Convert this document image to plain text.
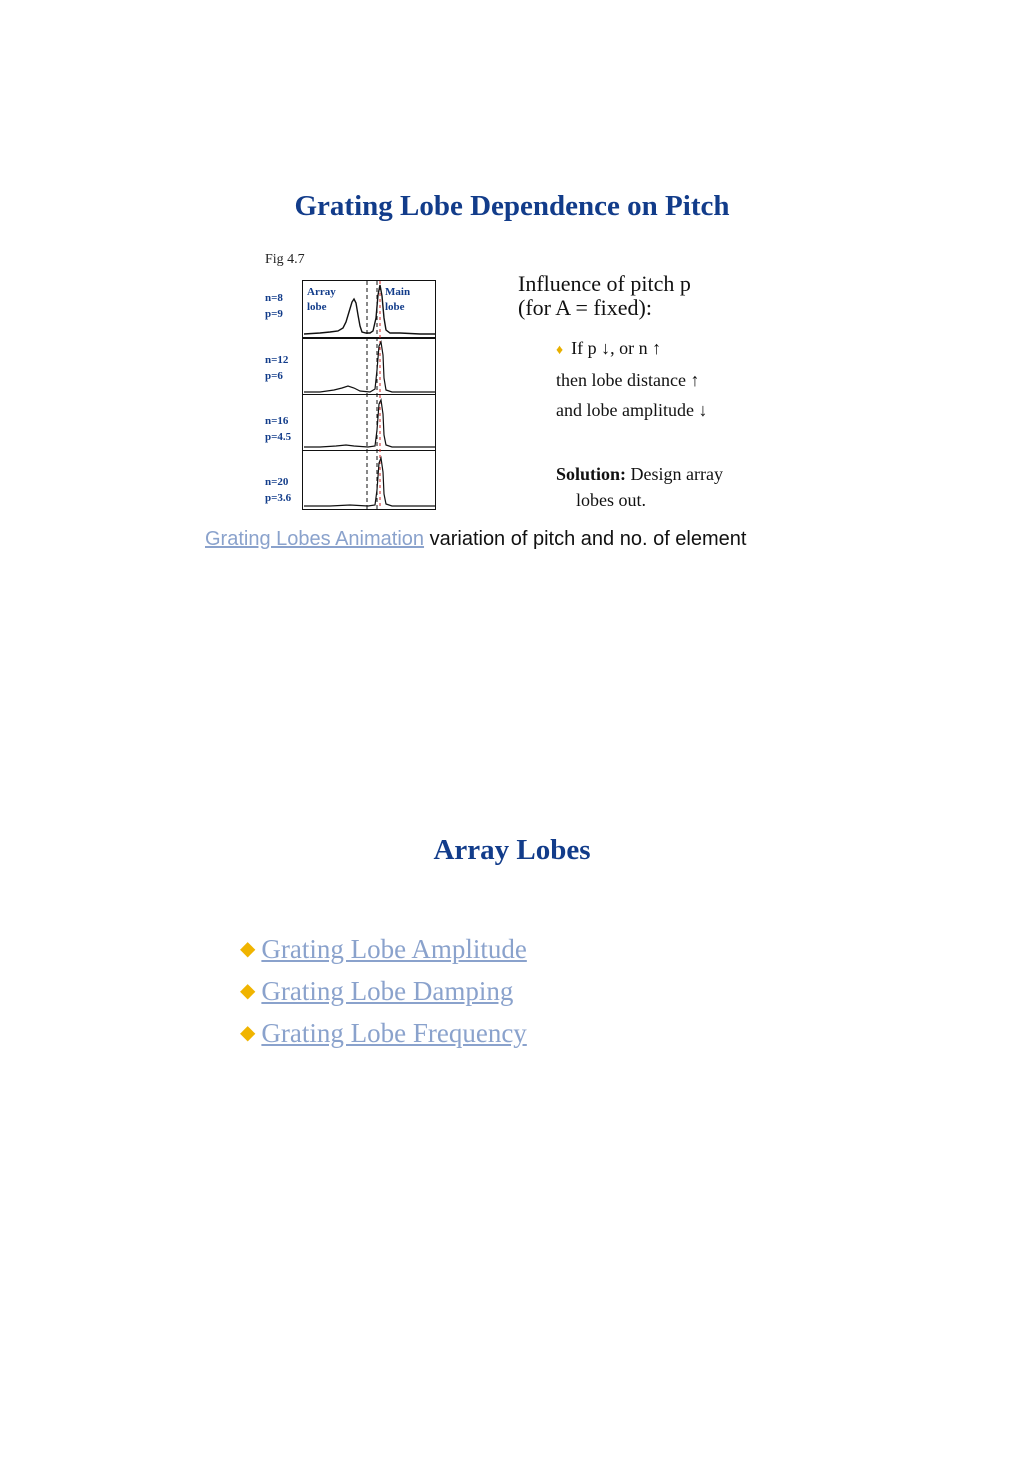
Grating Lobe Dependence on Pitch
Fig 4.7
n=8
p=9
n=12
p=6
n=16
p=4.5
n=20
p=3.6
Array
lobe
Main
lobe
Influence of pitch p
(for A = fixed):
♦ If p ↓, or n ↑
then lobe distance ↑
and lobe amplitude ↓
Solution: Design array
lobes out.
Grating Lobes Animation variation of pitch and no. of element
Array Lobes
◆ Grating Lobe Amplitude
◆ Grating Lobe Damping
◆ Grating Lobe Frequency
